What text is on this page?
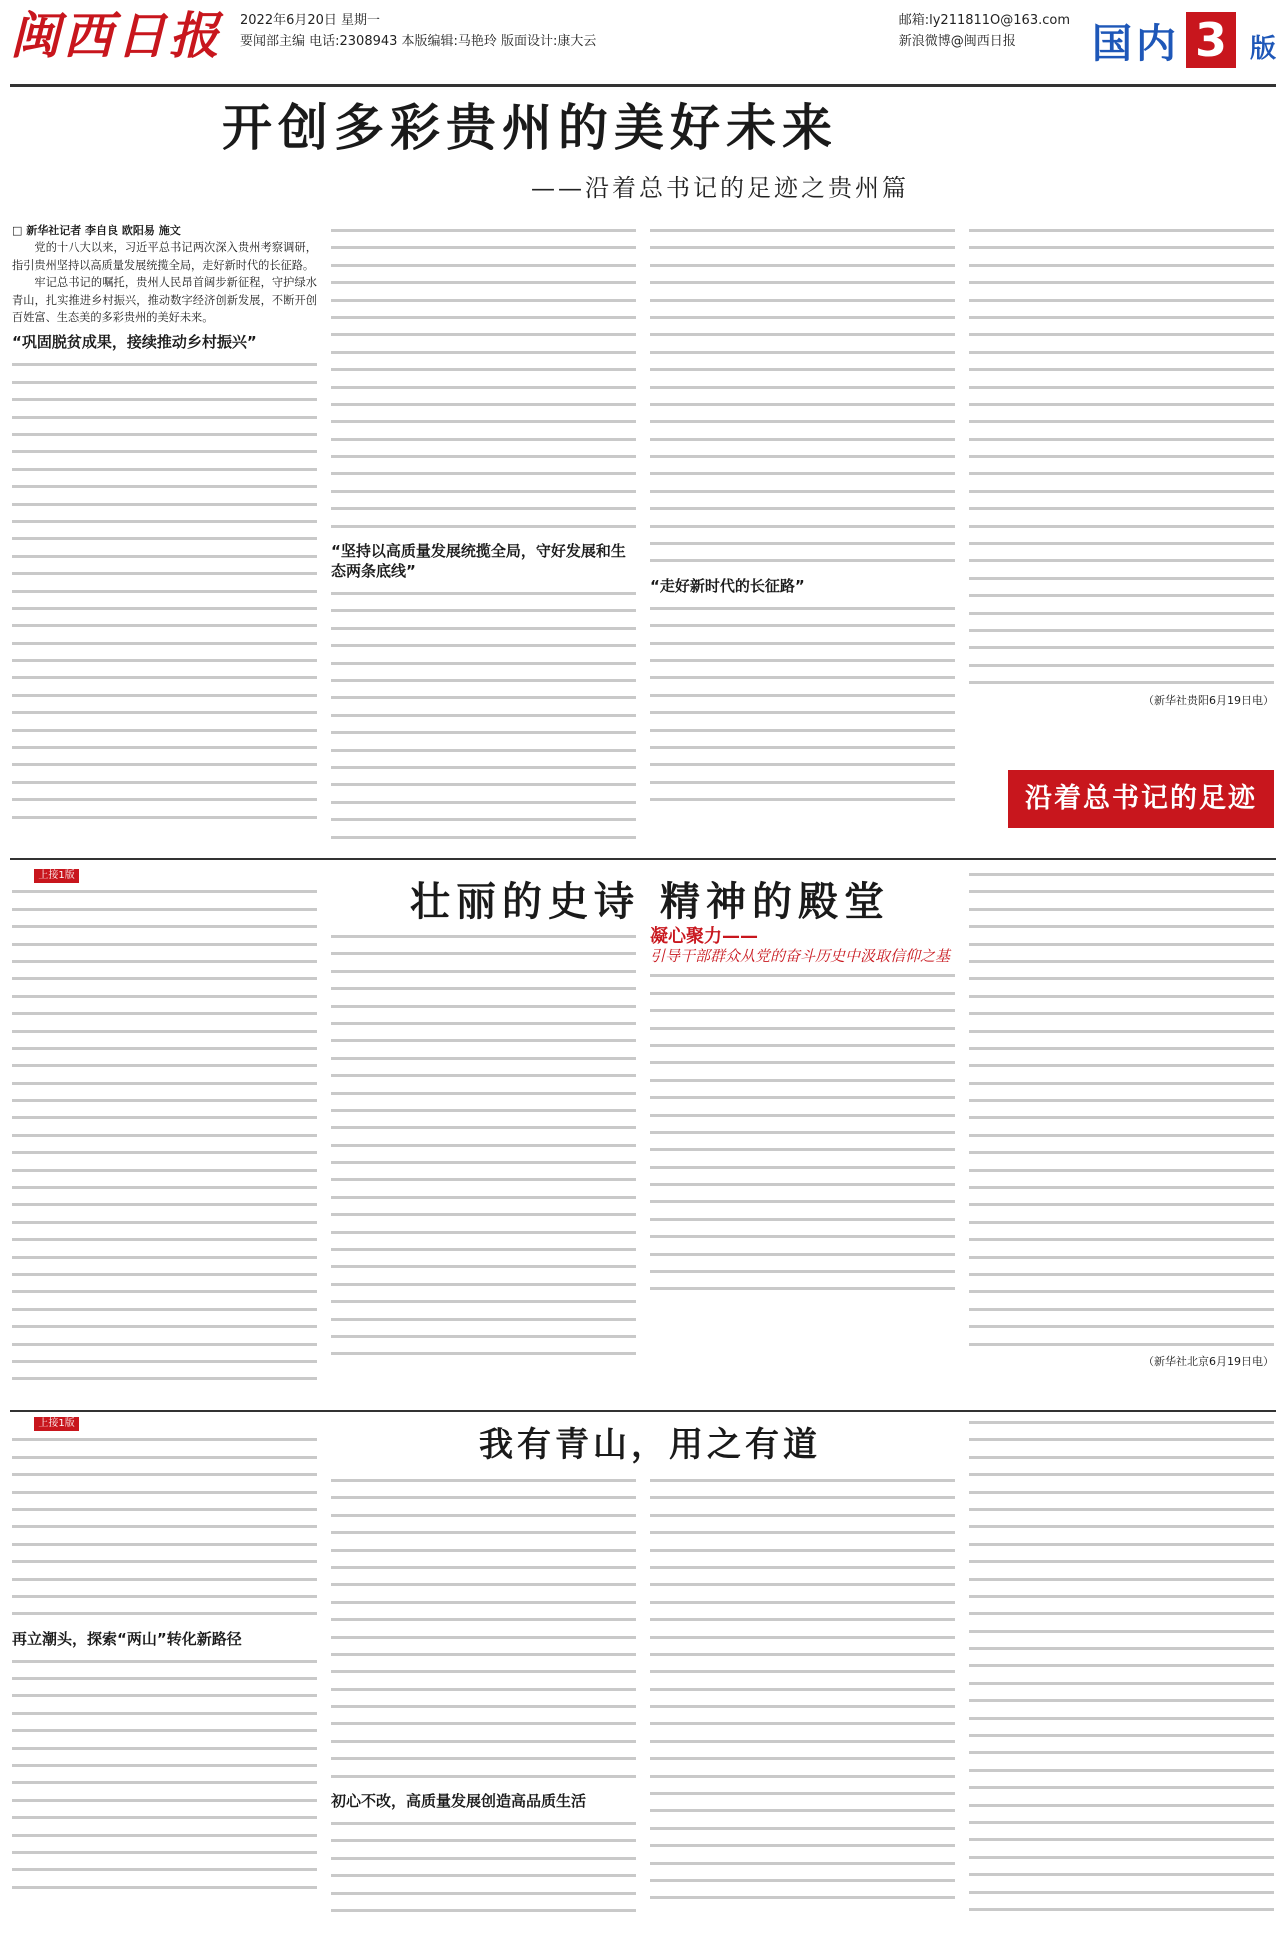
闽西日报 2022年6月20日 星期一
要闻部主编 电话:2308943 本版编辑:马艳玲 版面设计:康大云
邮箱:ly211811O@163.com
新浪微博@闽西日报	国内 3 版
开创多彩贵州的美好未来
——沿着总书记的足迹之贵州篇

□ 新华社记者 李自良 欧阳易 施文

党的十八大以来，习近平总书记两次深入贵州考察调研，指引贵州坚持以高质量发展统揽全局，走好新时代的长征路。

牢记总书记的嘱托，贵州人民昂首阔步新征程，守护绿水青山，扎实推进乡村振兴，推动数字经济创新发展，不断开创百姓富、生态美的多彩贵州的美好未来。

“巩固脱贫成果，接续推动乡村振兴”
“坚持以高质量发展统揽全局，守好发展和生态两条底线”
“走好新时代的长征路”

（新华社贵阳6月19日电）

沿着总书记的足迹
壮丽的史诗 精神的殿堂

上接1版

凝心聚力——

引导干部群众从党的奋斗历史中汲取信仰之基

（新华社北京6月19日电）

我有青山，用之有道

上接1版

再立潮头，探索“两山”转化新路径
初心不改，高质量发展创造高品质生活
